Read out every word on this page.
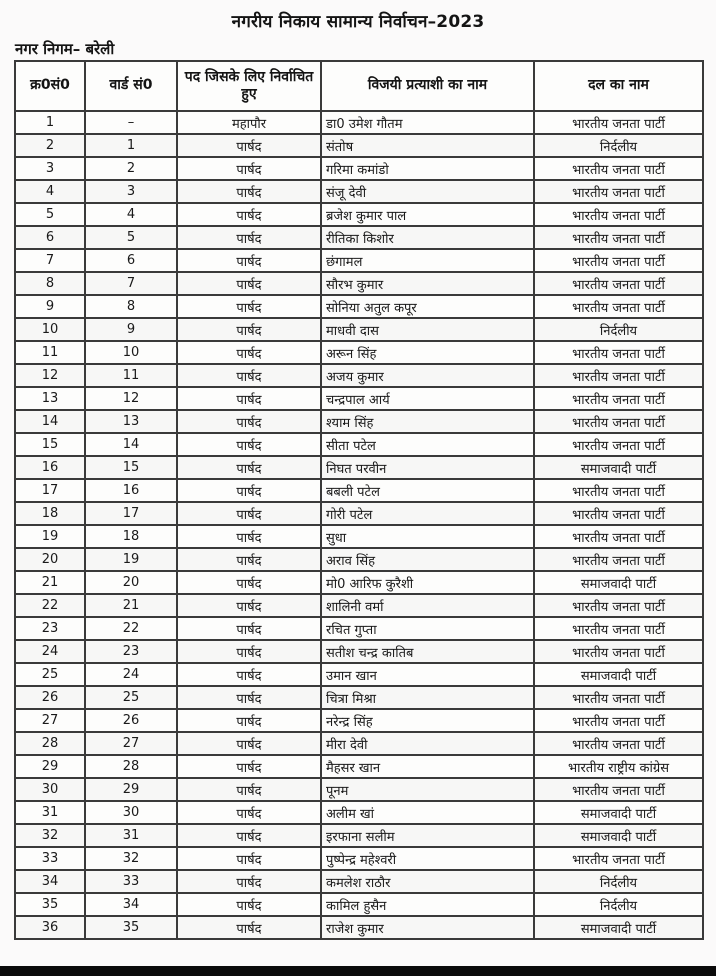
नगरीय निकाय सामान्य निर्वाचन–2023
नगर निगम– बरेली
क्र0सं0	वार्ड सं0	पद जिसके लिए निर्वाचित हुए	विजयी प्रत्याशी का नाम	दल का नाम
1	–	महापौर	डा0 उमेश गौतम	भारतीय जनता पार्टी
2	1	पार्षद	संतोष	निर्दलीय
3	2	पार्षद	गरिमा कमांडो	भारतीय जनता पार्टी
4	3	पार्षद	संजू देवी	भारतीय जनता पार्टी
5	4	पार्षद	ब्रजेश कुमार पाल	भारतीय जनता पार्टी
6	5	पार्षद	रीतिका किशोर	भारतीय जनता पार्टी
7	6	पार्षद	छंगामल	भारतीय जनता पार्टी
8	7	पार्षद	सौरभ कुमार	भारतीय जनता पार्टी
9	8	पार्षद	सोनिया अतुल कपूर	भारतीय जनता पार्टी
10	9	पार्षद	माधवी दास	निर्दलीय
11	10	पार्षद	अरून सिंह	भारतीय जनता पार्टी
12	11	पार्षद	अजय कुमार	भारतीय जनता पार्टी
13	12	पार्षद	चन्द्रपाल आर्य	भारतीय जनता पार्टी
14	13	पार्षद	श्याम सिंह	भारतीय जनता पार्टी
15	14	पार्षद	सीता पटेल	भारतीय जनता पार्टी
16	15	पार्षद	निघत परवीन	समाजवादी पार्टी
17	16	पार्षद	बबली पटेल	भारतीय जनता पार्टी
18	17	पार्षद	गोरी पटेल	भारतीय जनता पार्टी
19	18	पार्षद	सुधा	भारतीय जनता पार्टी
20	19	पार्षद	अराव सिंह	भारतीय जनता पार्टी
21	20	पार्षद	मो0 आरिफ कुरैशी	समाजवादी पार्टी
22	21	पार्षद	शालिनी वर्मा	भारतीय जनता पार्टी
23	22	पार्षद	रचित गुप्ता	भारतीय जनता पार्टी
24	23	पार्षद	सतीश चन्द्र कातिब	भारतीय जनता पार्टी
25	24	पार्षद	उमान खान	समाजवादी पार्टी
26	25	पार्षद	चित्रा मिश्रा	भारतीय जनता पार्टी
27	26	पार्षद	नरेन्द्र सिंह	भारतीय जनता पार्टी
28	27	पार्षद	मीरा देवी	भारतीय जनता पार्टी
29	28	पार्षद	मैहसर खान	भारतीय राष्ट्रीय कांग्रेस
30	29	पार्षद	पूनम	भारतीय जनता पार्टी
31	30	पार्षद	अलीम खां	समाजवादी पार्टी
32	31	पार्षद	इरफाना सलीम	समाजवादी पार्टी
33	32	पार्षद	पुष्पेन्द्र महेश्वरी	भारतीय जनता पार्टी
34	33	पार्षद	कमलेश राठौर	निर्दलीय
35	34	पार्षद	कामिल हुसैन	निर्दलीय
36	35	पार्षद	राजेश कुमार	समाजवादी पार्टी
